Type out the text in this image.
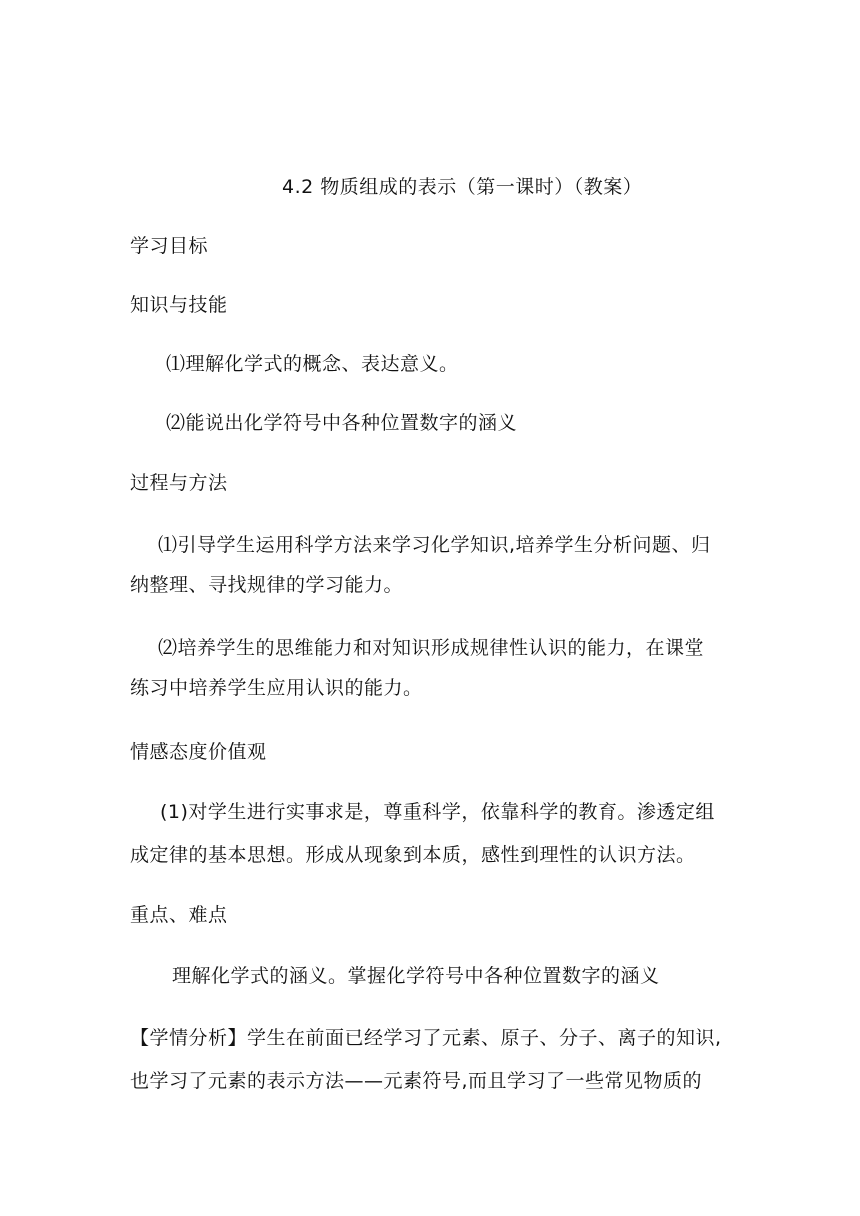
4.2 物质组成的表示（第一课时）（教案）
学习目标
知识与技能
⑴理解化学式的概念、表达意义。
⑵能说出化学符号中各种位置数字的涵义
过程与方法
⑴引导学生运用科学方法来学习化学知识,培养学生分析问题、归
纳整理、寻找规律的学习能力。
⑵培养学生的思维能力和对知识形成规律性认识的能力，在课堂
练习中培养学生应用认识的能力。
情感态度价值观
(1)对学生进行实事求是，尊重科学，依靠科学的教育。渗透定组
成定律的基本思想。形成从现象到本质，感性到理性的认识方法。
重点、难点
理解化学式的涵义。掌握化学符号中各种位置数字的涵义
【学情分析】学生在前面已经学习了元素、原子、分子、离子的知识,
也学习了元素的表示方法——元素符号,而且学习了一些常见物质的
